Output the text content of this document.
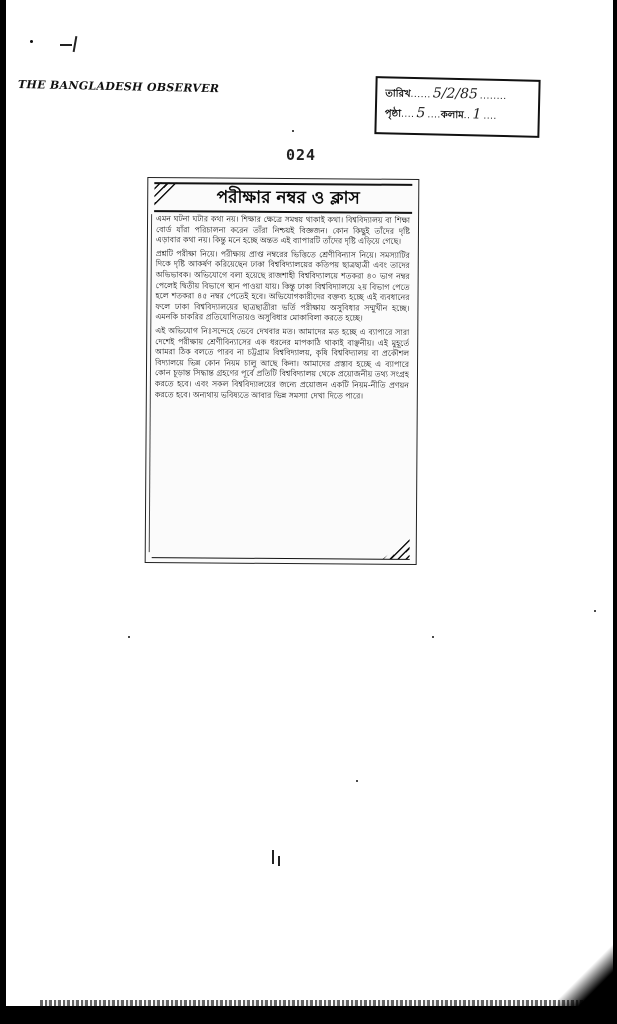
THE BANGLADESH OBSERVER	তারিখ ...... 5/2/85 ........
পৃষ্ঠা .... 5 .... কলাম .. 1 ....
024
পরীক্ষার নম্বর ও ক্লাস

এমন ঘটনা ঘটার কথা নয়। শিক্ষার ক্ষেত্রে সমন্বয় থাকাই কথা। বিশ্ববিদ্যালয় বা শিক্ষা বোর্ড যাঁরা পরিচালনা করেন তাঁরা নিশ্চয়ই বিজ্ঞজন। কোন কিছুই তাঁদের দৃষ্টি এড়াবার কথা নয়। কিন্তু মনে হচ্ছে অন্তত এই ব্যাপারটি তাঁদের দৃষ্টি এড়িয়ে গেছে।

প্রশ্নটি পরীক্ষা নিয়ে। পরীক্ষায় প্রাপ্ত নম্বরের ভিত্তিতে শ্রেণীবিন্যাস নিয়ে। সমস্যাটির দিকে দৃষ্টি আকর্ষণ করিয়েছেন ঢাকা বিশ্ববিদ্যালয়ের কতিপয় ছাত্রছাত্রী এবং তাদের অভিভাবক। অভিযোগে বলা হয়েছে রাজশাহী বিশ্ববিদ্যালয়ে শতকরা ৪০ ভাগ নম্বর পেলেই দ্বিতীয় বিভাগে স্থান পাওয়া যায়। কিন্তু ঢাকা বিশ্ববিদ্যালয়ে ২য় বিভাগ পেতে হলে শতকরা ৪৫ নম্বর পেতেই হবে। অভিযোগকারীদের বক্তব্য হচ্ছে এই ব্যবধানের ফলে ঢাকা বিশ্ববিদ্যালয়ের ছাত্রছাত্রীরা ভর্তি পরীক্ষায় অসুবিধার সম্মুখীন হচ্ছে। এমনকি চাকরির প্রতিযোগিতায়ও অসুবিধার মোকাবিলা করতে হচ্ছে।

এই অভিযোগ নিঃসন্দেহে ভেবে দেখবার মত। আমাদের মত হচ্ছে এ ব্যাপারে সারা দেশেই পরীক্ষায় শ্রেণীবিন্যাসের এক ধরনের মাপকাঠি থাকাই বাঞ্ছনীয়। এই মুহূর্তে আমরা ঠিক বলতে পারব না চট্টগ্রাম বিশ্ববিদ্যালয়, কৃষি বিশ্ববিদ্যালয় বা প্রকৌশল বিদ্যালয়ে ভিন্ন কোন নিয়ম চালু আছে কিনা। আমাদের প্রস্তাব হচ্ছে এ ব্যাপারে কোন চূড়ান্ত সিদ্ধান্ত গ্রহণের পূর্বে প্রতিটি বিশ্ববিদ্যালয় থেকে প্রয়োজনীয় তথ্য সংগ্রহ করতে হবে। এবং সকল বিশ্ববিদ্যালয়ের জন্যে প্রয়োজন একটি নিয়ম-নীতি প্রণয়ন করতে হবে। অন্যথায় ভবিষ্যতে আবার ভিন্ন সমস্যা দেখা দিতে পারে।
